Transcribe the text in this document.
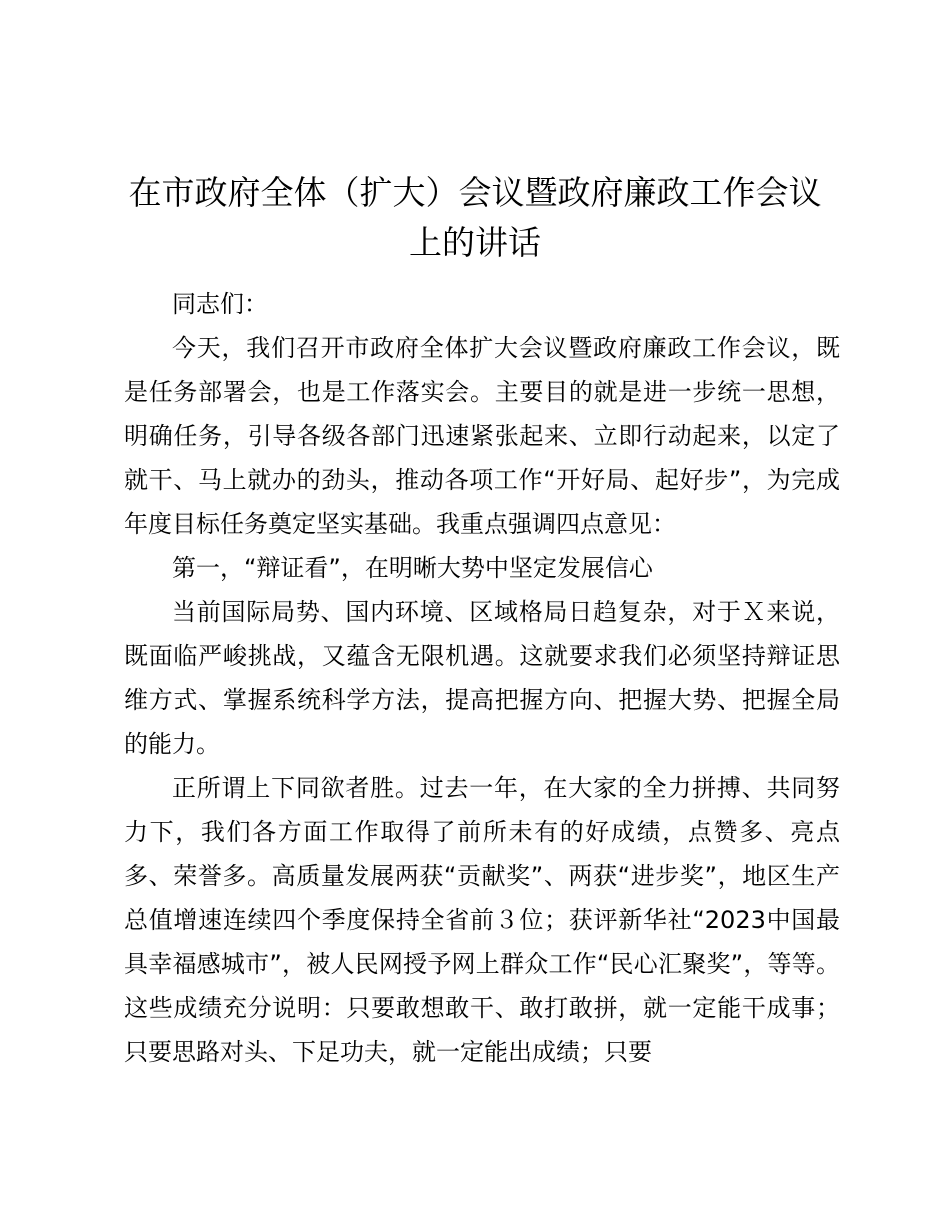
在市政府全体（扩大）会议暨政府廉政工作会议上的讲话

同志们：

今天，我们召开市政府全体扩大会议暨政府廉政工作会议，既是任务部署会，也是工作落实会。主要目的就是进一步统一思想，明确任务，引导各级各部门迅速紧张起来、立即行动起来，以定了就干、马上就办的劲头，推动各项工作“开好局、起好步”，为完成年度目标任务奠定坚实基础。我重点强调四点意见：

第一，“辩证看”，在明晰大势中坚定发展信心

当前国际局势、国内环境、区域格局日趋复杂，对于Ｘ来说，既面临严峻挑战，又蕴含无限机遇。这就要求我们必须坚持辩证思维方式、掌握系统科学方法，提高把握方向、把握大势、把握全局的能力。

正所谓上下同欲者胜。过去一年，在大家的全力拼搏、共同努力下，我们各方面工作取得了前所未有的好成绩，点赞多、亮点多、荣誉多。高质量发展两获“贡献奖”、两获“进步奖”，地区生产总值增速连续四个季度保持全省前３位；获评新华社“2023中国最具幸福感城市”，被人民网授予网上群众工作“民心汇聚奖”，等等。这些成绩充分说明：只要敢想敢干、敢打敢拼，就一定能干成事；只要思路对头、下足功夫，就一定能出成绩；只要
